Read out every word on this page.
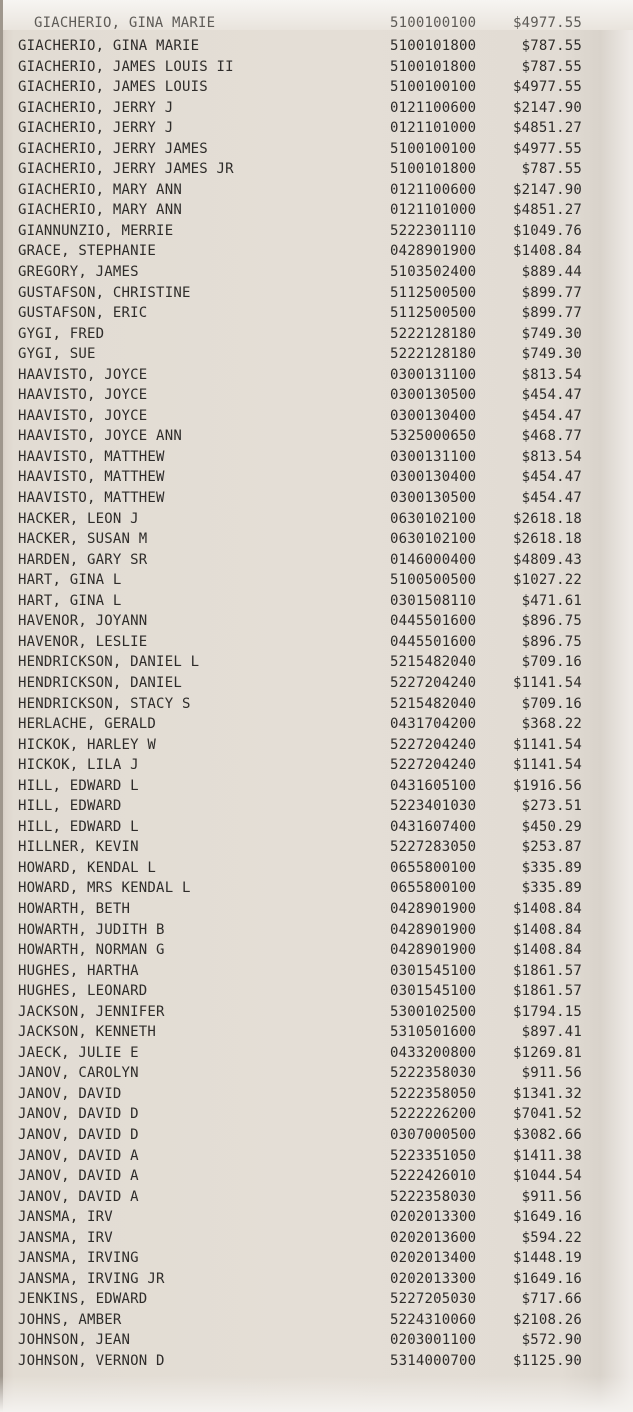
GIACHERIO, GINA MARIE	5100100100	$4977.55
GIACHERIO, GINA MARIE	5100101800	$787.55
GIACHERIO, JAMES LOUIS II	5100101800	$787.55
GIACHERIO, JAMES LOUIS	5100100100	$4977.55
GIACHERIO, JERRY J	0121100600	$2147.90
GIACHERIO, JERRY J	0121101000	$4851.27
GIACHERIO, JERRY JAMES	5100100100	$4977.55
GIACHERIO, JERRY JAMES JR	5100101800	$787.55
GIACHERIO, MARY ANN	0121100600	$2147.90
GIACHERIO, MARY ANN	0121101000	$4851.27
GIANNUNZIO, MERRIE	5222301110	$1049.76
GRACE, STEPHANIE	0428901900	$1408.84
GREGORY, JAMES	5103502400	$889.44
GUSTAFSON, CHRISTINE	5112500500	$899.77
GUSTAFSON, ERIC	5112500500	$899.77
GYGI, FRED	5222128180	$749.30
GYGI, SUE	5222128180	$749.30
HAAVISTO, JOYCE	0300131100	$813.54
HAAVISTO, JOYCE	0300130500	$454.47
HAAVISTO, JOYCE	0300130400	$454.47
HAAVISTO, JOYCE ANN	5325000650	$468.77
HAAVISTO, MATTHEW	0300131100	$813.54
HAAVISTO, MATTHEW	0300130400	$454.47
HAAVISTO, MATTHEW	0300130500	$454.47
HACKER, LEON J	0630102100	$2618.18
HACKER, SUSAN M	0630102100	$2618.18
HARDEN, GARY SR	0146000400	$4809.43
HART, GINA L	5100500500	$1027.22
HART, GINA L	0301508110	$471.61
HAVENOR, JOYANN	0445501600	$896.75
HAVENOR, LESLIE	0445501600	$896.75
HENDRICKSON, DANIEL L	5215482040	$709.16
HENDRICKSON, DANIEL	5227204240	$1141.54
HENDRICKSON, STACY S	5215482040	$709.16
HERLACHE, GERALD	0431704200	$368.22
HICKOK, HARLEY W	5227204240	$1141.54
HICKOK, LILA J	5227204240	$1141.54
HILL, EDWARD L	0431605100	$1916.56
HILL, EDWARD	5223401030	$273.51
HILL, EDWARD L	0431607400	$450.29
HILLNER, KEVIN	5227283050	$253.87
HOWARD, KENDAL L	0655800100	$335.89
HOWARD, MRS KENDAL L	0655800100	$335.89
HOWARTH, BETH	0428901900	$1408.84
HOWARTH, JUDITH B	0428901900	$1408.84
HOWARTH, NORMAN G	0428901900	$1408.84
HUGHES, HARTHA	0301545100	$1861.57
HUGHES, LEONARD	0301545100	$1861.57
JACKSON, JENNIFER	5300102500	$1794.15
JACKSON, KENNETH	5310501600	$897.41
JAECK, JULIE E	0433200800	$1269.81
JANOV, CAROLYN	5222358030	$911.56
JANOV, DAVID	5222358050	$1341.32
JANOV, DAVID D	5222226200	$7041.52
JANOV, DAVID D	0307000500	$3082.66
JANOV, DAVID A	5223351050	$1411.38
JANOV, DAVID A	5222426010	$1044.54
JANOV, DAVID A	5222358030	$911.56
JANSMA, IRV	0202013300	$1649.16
JANSMA, IRV	0202013600	$594.22
JANSMA, IRVING	0202013400	$1448.19
JANSMA, IRVING JR	0202013300	$1649.16
JENKINS, EDWARD	5227205030	$717.66
JOHNS, AMBER	5224310060	$2108.26
JOHNSON, JEAN	0203001100	$572.90
JOHNSON, VERNON D	5314000700	$1125.90
